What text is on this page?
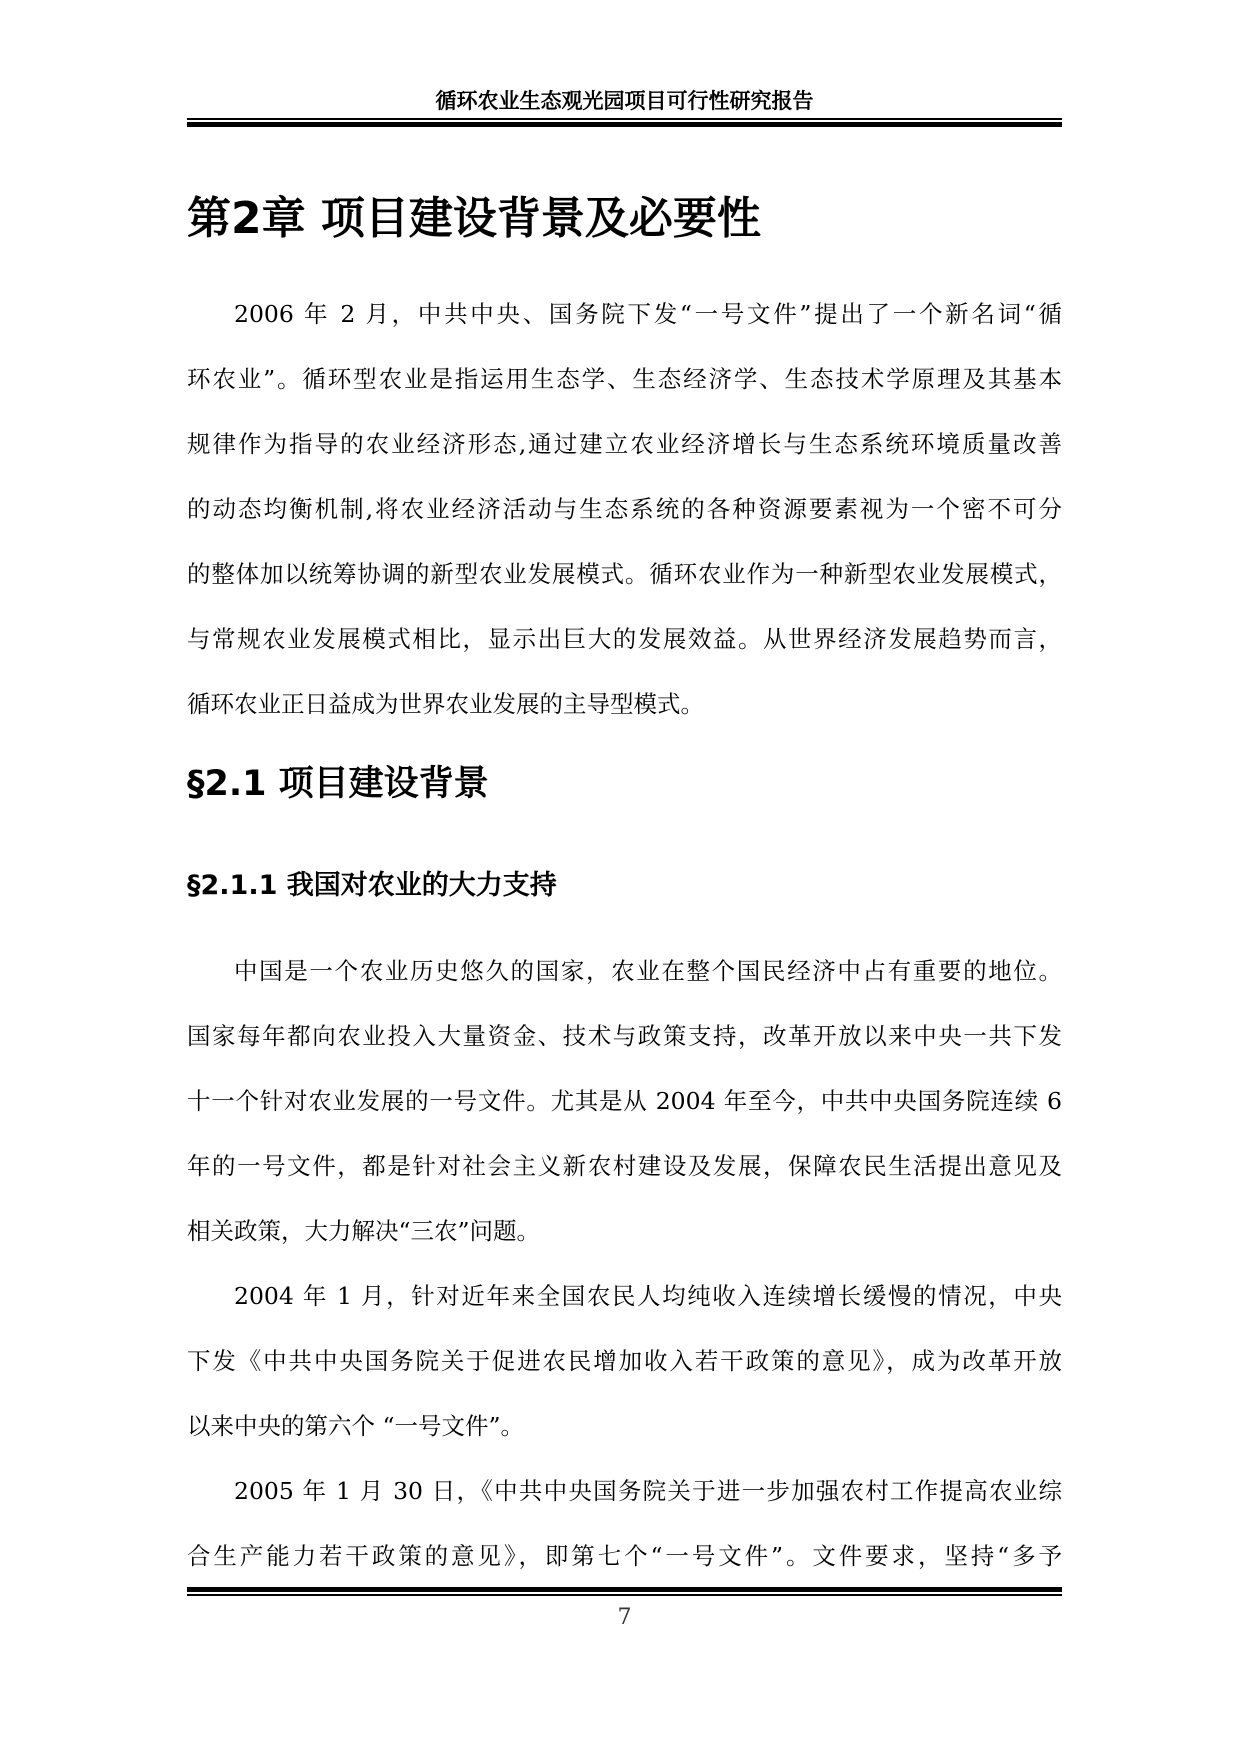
循环农业生态观光园项目可行性研究报告
第2章 项目建设背景及必要性
2006 年 2 月，中共中央、国务院下发“一号文件”提出了一个新名词“循
环农业”。循环型农业是指运用生态学、生态经济学、生态技术学原理及其基本
规律作为指导的农业经济形态,通过建立农业经济增长与生态系统环境质量改善
的动态均衡机制,将农业经济活动与生态系统的各种资源要素视为一个密不可分
的整体加以统筹协调的新型农业发展模式。循环农业作为一种新型农业发展模式，
与常规农业发展模式相比，显示出巨大的发展效益。从世界经济发展趋势而言，
循环农业正日益成为世界农业发展的主导型模式。
§2.1 项目建设背景
§2.1.1 我国对农业的大力支持
中国是一个农业历史悠久的国家，农业在整个国民经济中占有重要的地位。
国家每年都向农业投入大量资金、技术与政策支持，改革开放以来中央一共下发
十一个针对农业发展的一号文件。尤其是从 2004 年至今，中共中央国务院连续 6
年的一号文件，都是针对社会主义新农村建设及发展，保障农民生活提出意见及
相关政策，大力解决“三农”问题。
2004 年 1 月，针对近年来全国农民人均纯收入连续增长缓慢的情况，中央
下发《中共中央国务院关于促进农民增加收入若干政策的意见》，成为改革开放
以来中央的第六个 “一号文件”。
2005 年 1 月 30 日，《中共中央国务院关于进一步加强农村工作提高农业综
合生产能力若干政策的意见》，即第七个“一号文件”。文件要求，坚持“多予
7
